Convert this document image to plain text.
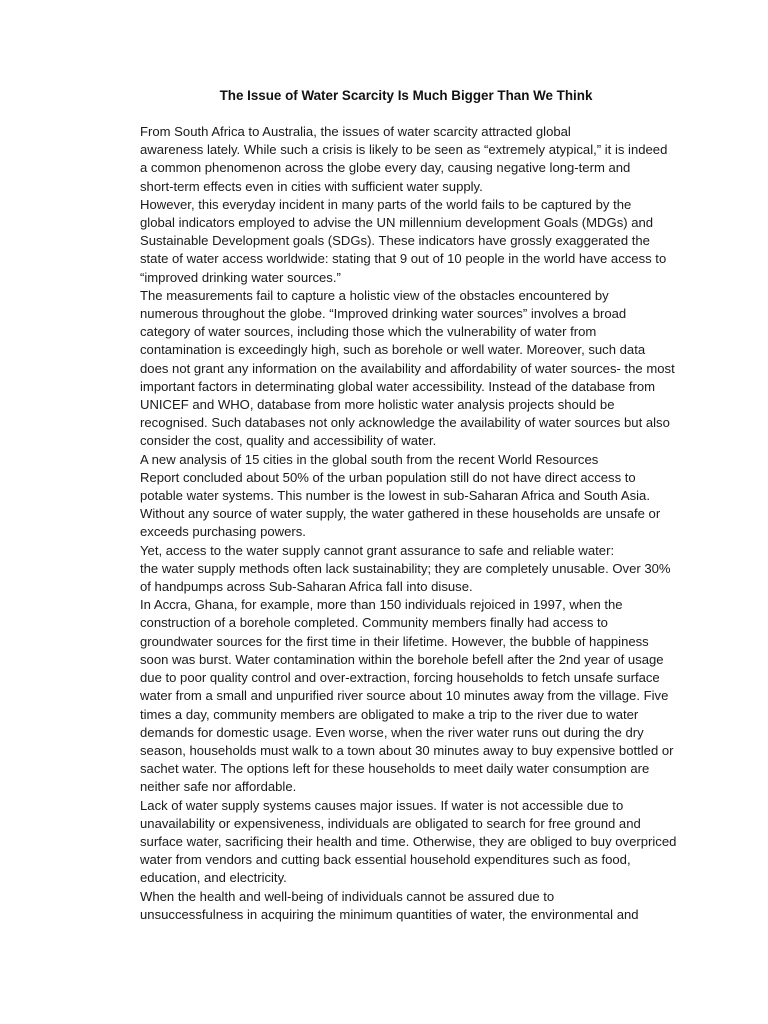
The Issue of Water Scarcity Is Much Bigger Than We Think

From South Africa to Australia, the issues of water scarcity attracted global
awareness lately. While such a crisis is likely to be seen as “extremely atypical,” it is indeed
a common phenomenon across the globe every day, causing negative long-term and
short-term effects even in cities with sufficient water supply.

However, this everyday incident in many parts of the world fails to be captured by the
global indicators employed to advise the UN millennium development Goals (MDGs) and
Sustainable Development goals (SDGs). These indicators have grossly exaggerated the
state of water access worldwide: stating that 9 out of 10 people in the world have access to
“improved drinking water sources.”

The measurements fail to capture a holistic view of the obstacles encountered by
numerous throughout the globe. “Improved drinking water sources” involves a broad
category of water sources, including those which the vulnerability of water from
contamination is exceedingly high, such as borehole or well water. Moreover, such data
does not grant any information on the availability and affordability of water sources- the most
important factors in determinating global water accessibility. Instead of the database from
UNICEF and WHO, database from more holistic water analysis projects should be
recognised. Such databases not only acknowledge the availability of water sources but also
consider the cost, quality and accessibility of water.

A new analysis of 15 cities in the global south from the recent World Resources
Report concluded about 50% of the urban population still do not have direct access to
potable water systems. This number is the lowest in sub-Saharan Africa and South Asia.
Without any source of water supply, the water gathered in these households are unsafe or
exceeds purchasing powers.

Yet, access to the water supply cannot grant assurance to safe and reliable water:
the water supply methods often lack sustainability; they are completely unusable. Over 30%
of handpumps across Sub-Saharan Africa fall into disuse.

In Accra, Ghana, for example, more than 150 individuals rejoiced in 1997, when the
construction of a borehole completed. Community members finally had access to
groundwater sources for the first time in their lifetime. However, the bubble of happiness
soon was burst. Water contamination within the borehole befell after the 2nd year of usage
due to poor quality control and over-extraction, forcing households to fetch unsafe surface
water from a small and unpurified river source about 10 minutes away from the village. Five
times a day, community members are obligated to make a trip to the river due to water
demands for domestic usage. Even worse, when the river water runs out during the dry
season, households must walk to a town about 30 minutes away to buy expensive bottled or
sachet water. The options left for these households to meet daily water consumption are
neither safe nor affordable.

Lack of water supply systems causes major issues. If water is not accessible due to
unavailability or expensiveness, individuals are obligated to search for free ground and
surface water, sacrificing their health and time. Otherwise, they are obliged to buy overpriced
water from vendors and cutting back essential household expenditures such as food,
education, and electricity.

When the health and well-being of individuals cannot be assured due to
unsuccessfulness in acquiring the minimum quantities of water, the environmental and
